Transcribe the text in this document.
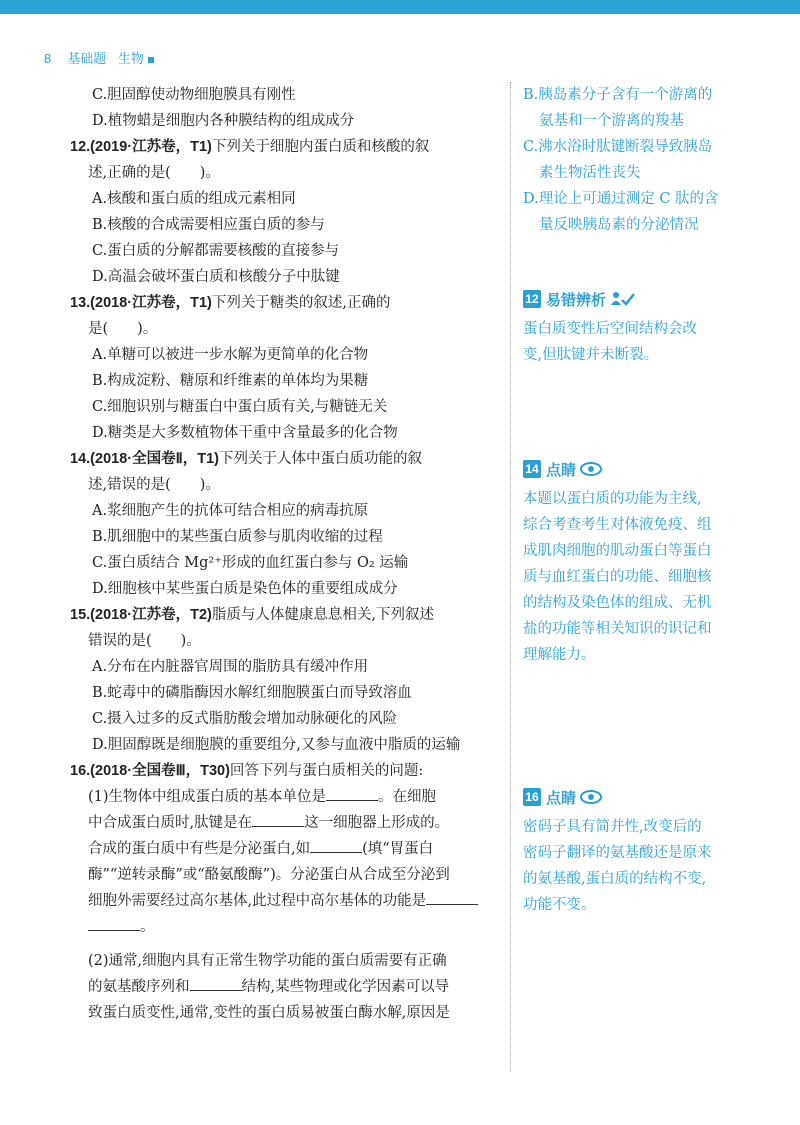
8 基础题 生物
C.胆固醇使动物细胞膜具有刚性
D.植物蜡是细胞内各种膜结构的组成成分
12.(2019·江苏卷，T1)下列关于细胞内蛋白质和核酸的叙
述,正确的是(　　)。
A.核酸和蛋白质的组成元素相同
B.核酸的合成需要相应蛋白质的参与
C.蛋白质的分解都需要核酸的直接参与
D.高温会破坏蛋白质和核酸分子中肽键
13.(2018·江苏卷，T1)下列关于糖类的叙述,正确的
是(　　)。
A.单糖可以被进一步水解为更简单的化合物
B.构成淀粉、糖原和纤维素的单体均为果糖
C.细胞识别与糖蛋白中蛋白质有关,与糖链无关
D.糖类是大多数植物体干重中含量最多的化合物
14.(2018·全国卷Ⅱ，T1)下列关于人体中蛋白质功能的叙
述,错误的是(　　)。
A.浆细胞产生的抗体可结合相应的病毒抗原
B.肌细胞中的某些蛋白质参与肌肉收缩的过程
C.蛋白质结合 Mg²⁺形成的血红蛋白参与 O₂ 运输
D.细胞核中某些蛋白质是染色体的重要组成成分
15.(2018·江苏卷，T2)脂质与人体健康息息相关,下列叙述
错误的是(　　)。
A.分布在内脏器官周围的脂肪具有缓冲作用
B.蛇毒中的磷脂酶因水解红细胞膜蛋白而导致溶血
C.摄入过多的反式脂肪酸会增加动脉硬化的风险
D.胆固醇既是细胞膜的重要组分,又参与血液中脂质的运输
16.(2018·全国卷Ⅲ，T30)回答下列与蛋白质相关的问题:
(1)生物体中组成蛋白质的基本单位是	。在细胞
中合成蛋白质时,肽键是在	这一细胞器上形成的。
合成的蛋白质中有些是分泌蛋白,如	(填“胃蛋白
酶”“逆转录酶”或“酪氨酸酶”)。分泌蛋白从合成至分泌到
细胞外需要经过高尔基体,此过程中高尔基体的功能是
。
(2)通常,细胞内具有正常生物学功能的蛋白质需要有正确
的氨基酸序列和	结构,某些物理或化学因素可以导
致蛋白质变性,通常,变性的蛋白质易被蛋白酶水解,原因是
B.胰岛素分子含有一个游离的
氨基和一个游离的羧基
C.沸水浴时肽键断裂导致胰岛
素生物活性丧失
D.理论上可通过测定 C 肽的含
量反映胰岛素的分泌情况
12 易错辨析
蛋白质变性后空间结构会改
变,但肽键并未断裂。
14 点睛
本题以蛋白质的功能为主线,
综合考查考生对体液免疫、组
成肌肉细胞的肌动蛋白等蛋白
质与血红蛋白的功能、细胞核
的结构及染色体的组成、无机
盐的功能等相关知识的识记和
理解能力。
16 点睛
密码子具有简并性,改变后的
密码子翻译的氨基酸还是原来
的氨基酸,蛋白质的结构不变,
功能不变。
